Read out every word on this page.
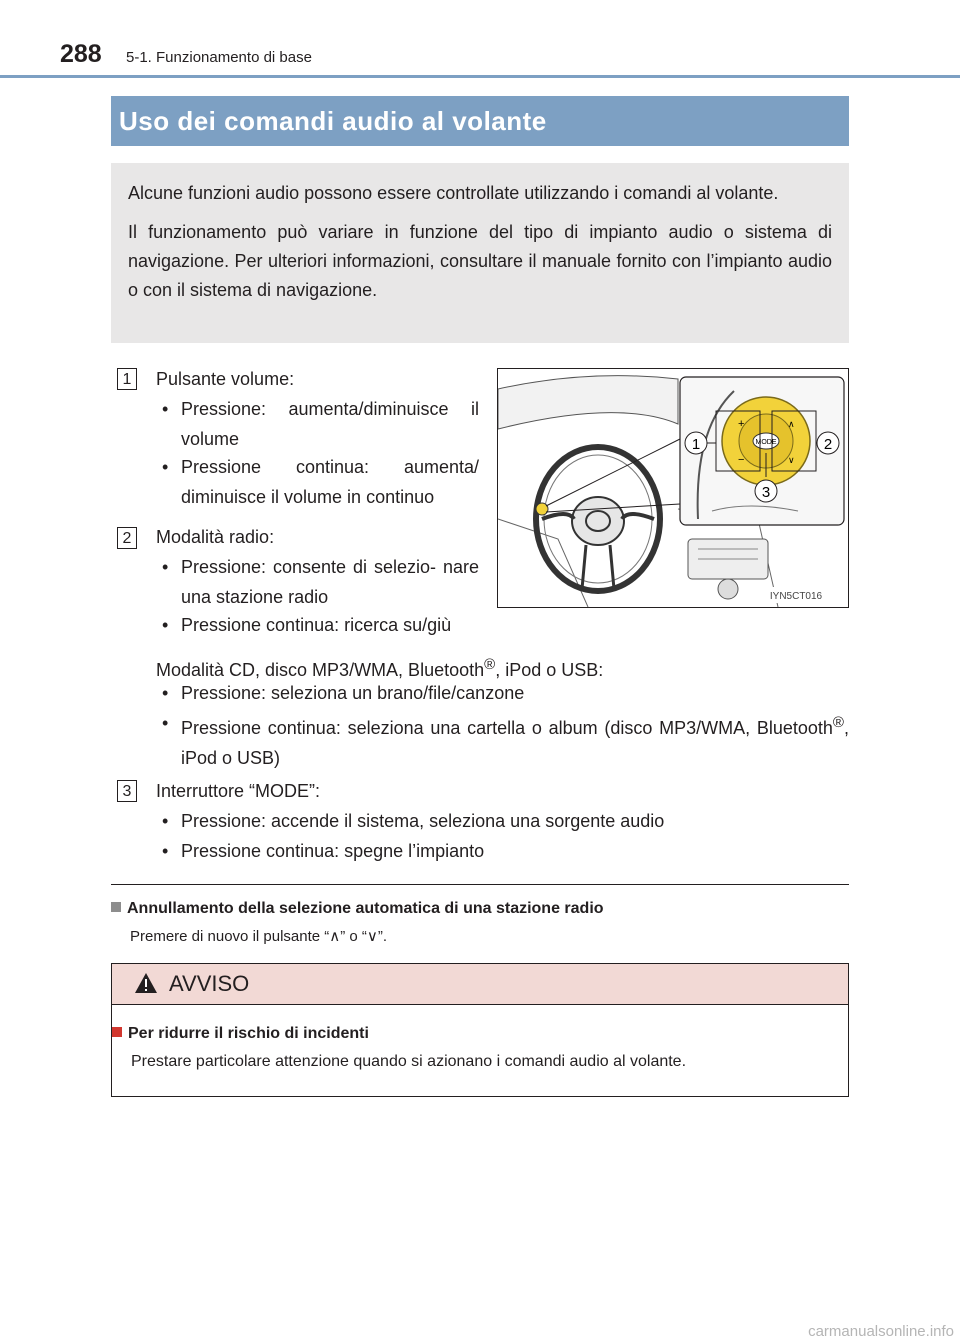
288 5-1. Funzionamento di base
Uso dei comandi audio al volante

Alcune funzioni audio possono essere controllate utilizzando i comandi al volante.

Il funzionamento può variare in funzione del tipo di impianto audio o sistema di navigazione. Per ulteriori informazioni, consultare il manuale fornito con l’impianto audio o con il sistema di navigazione.

1	Pulsante volume:
• Pressione: aumenta/diminuisce il volume
• Pressione continua: aumenta/ diminuisce il volume in continuo
2	Modalità radio:
• Pressione: consente di selezio- nare una stazione radio
• Pressione continua: ricerca su/giù
Modalità CD, disco MP3/WMA, Bluetooth®, iPod o USB:
• Pressione: seleziona un brano/file/canzone
• Pressione continua: seleziona una cartella o album (disco MP3/WMA, Bluetooth®, iPod o USB)
3	Interruttore “MODE”:
• Pressione: accende il sistema, seleziona una sorgente audio
• Pressione continua: spegne l’impianto
MODE
+
−
∧
∨
1	2
3
IYN5CT016
Annullamento della selezione automatica di una stazione radio
Premere di nuovo il pulsante “∧” o “∨”.
AVVISO
Per ridurre il rischio di incidenti
Prestare particolare attenzione quando si azionano i comandi audio al volante.
carmanualsonline.info
